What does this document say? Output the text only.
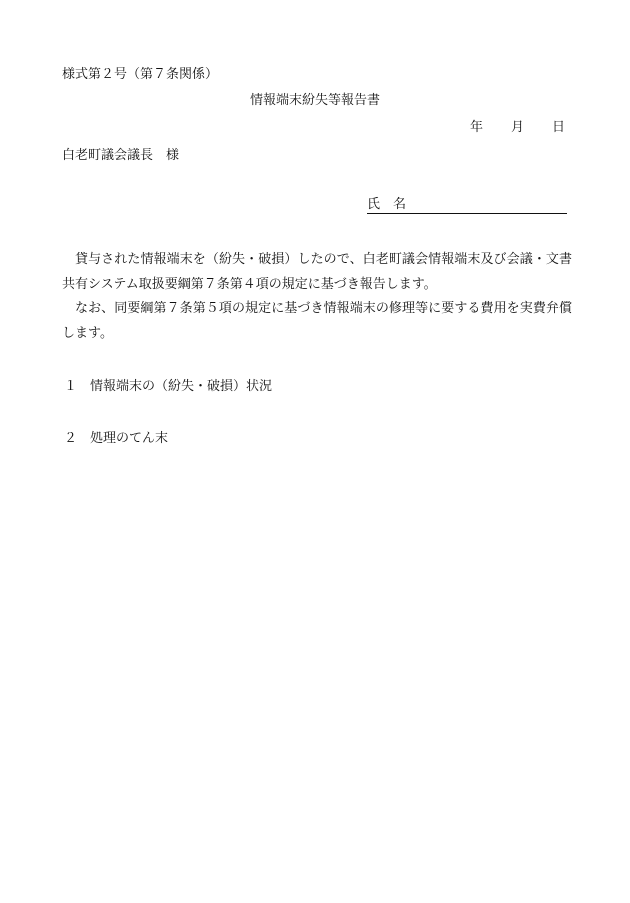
様式第２号（第７条関係）
情報端末紛失等報告書
年 月 日
白老町議会議長　様
氏　名

貸与された情報端末を（紛失・破損）したので、白老町議会情報端末及び会議・文書共有システム取扱要綱第７条第４項の規定に基づき報告します。

なお、同要綱第７条第５項の規定に基づき情報端末の修理等に要する費用を実費弁償します。

１ 情報端末の（紛失・破損）状況
２ 処理のてん末
